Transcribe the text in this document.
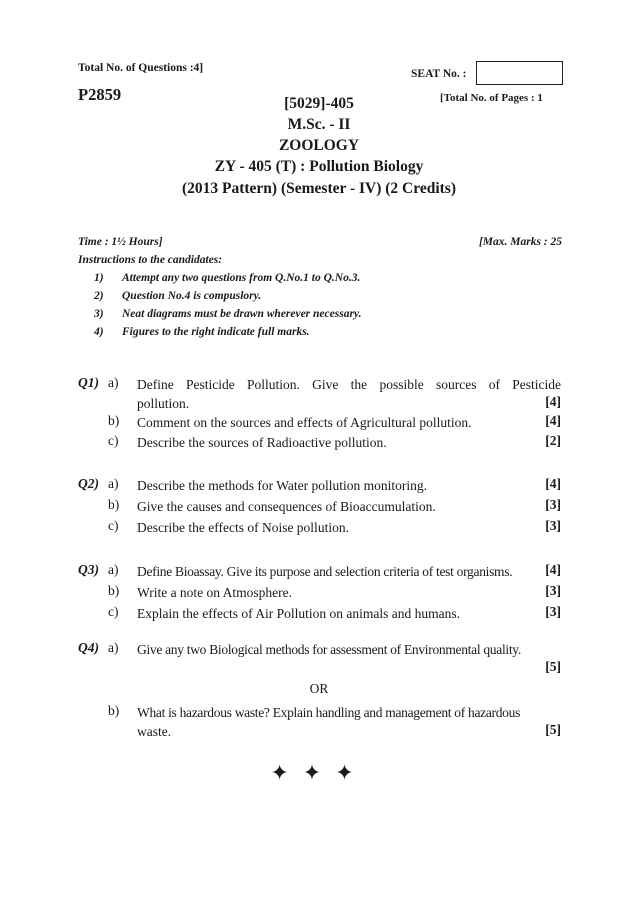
Total No. of Questions :4]	SEAT No. :
P2859	[Total No. of Pages : 1
[5029]-405
M.Sc. - II
ZOOLOGY
ZY - 405 (T) : Pollution Biology
(2013 Pattern) (Semester - IV) (2 Credits)
Time : 1½ Hours]	[Max. Marks : 25
Instructions to the candidates:
1)	Attempt any two questions from Q.No.1 to Q.No.3.
2)	Question No.4 is compuslory.
3)	Neat diagrams must be drawn wherever necessary.
4)	Figures to the right indicate full marks.
Q1) a) Define Pesticide Pollution. Give the possible sources of Pesticide
pollution.	[4]
b) Comment on the sources and effects of Agricultural pollution.	[4]
c) Describe the sources of Radioactive pollution.	[2]
Q2) a) Describe the methods for Water pollution monitoring.	[4]
b) Give the causes and consequences of Bioaccumulation.	[3]
c) Describe the effects of Noise pollution.	[3]
Q3) a) Define Bioassay. Give its purpose and selection criteria of test organisms.	[4]
b) Write a note on Atmosphere.	[3]
c) Explain the effects of Air Pollution on animals and humans.	[3]
Q4) a) Give any two Biological methods for assessment of Environmental quality.
[5]
OR
b) What is hazardous waste? Explain handling and management of hazardous
waste.	[5]
✦✦✦
